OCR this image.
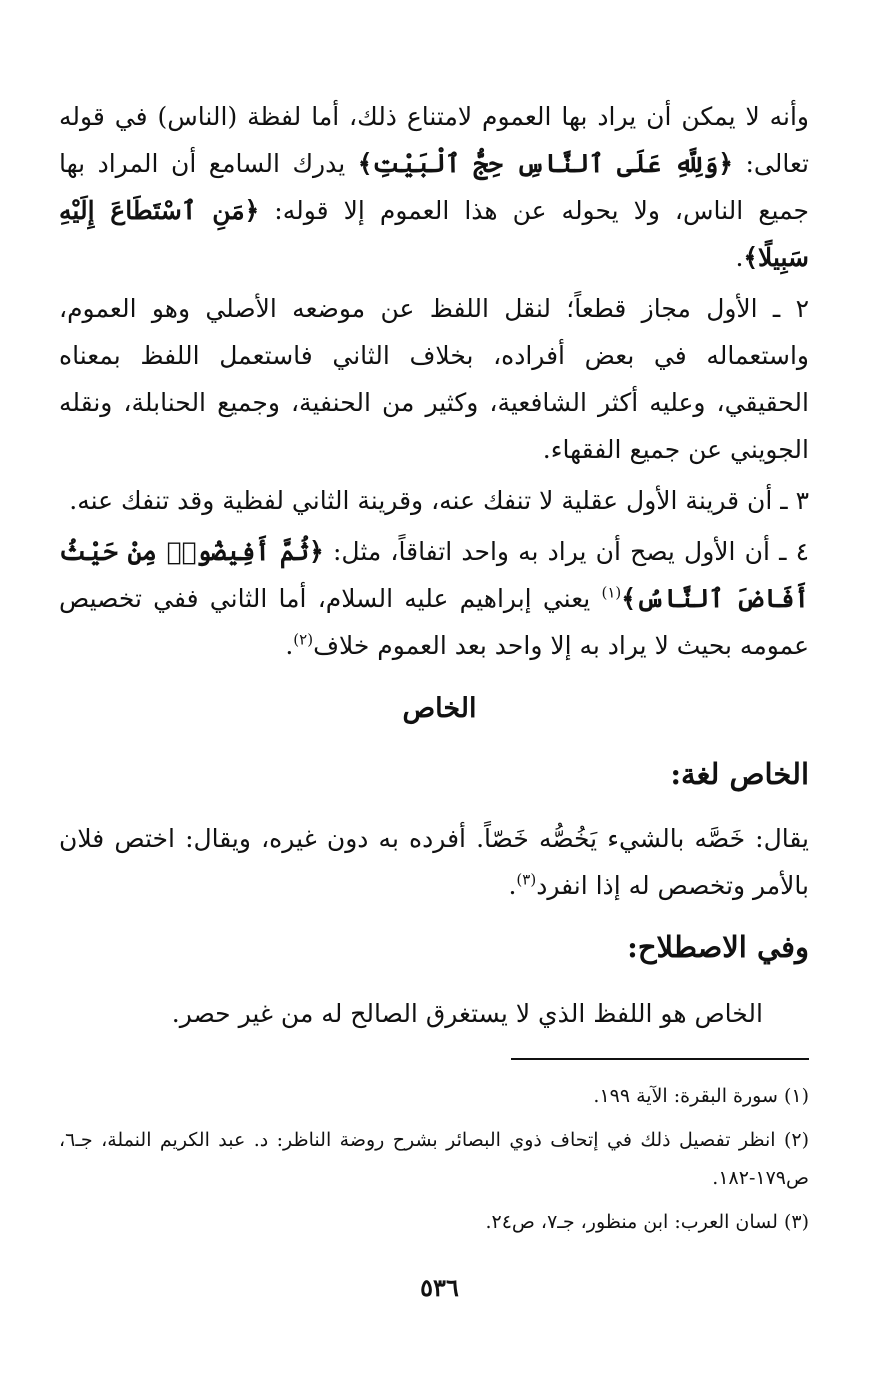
وأنه لا يمكن أن يراد بها العموم لامتناع ذلك، أما لفظة (الناس) في قوله تعالى: ﴿وَلِلَّهِ عَلَى ٱلنَّاسِ حِجُّ ٱلْبَيْتِ﴾ يدرك السامع أن المراد بها جميع الناس، ولا يحوله عن هذا العموم إلا قوله: ﴿مَنِ ٱسْتَطَاعَ إِلَيْهِ سَبِيلًا﴾.

٢ ـ الأول مجاز قطعاً؛ لنقل اللفظ عن موضعه الأصلي وهو العموم، واستعماله في بعض أفراده، بخلاف الثاني فاستعمل اللفظ بمعناه الحقيقي، وعليه أكثر الشافعية، وكثير من الحنفية، وجميع الحنابلة، ونقله الجويني عن جميع الفقهاء.

٣ ـ أن قرينة الأول عقلية لا تنفك عنه، وقرينة الثاني لفظية وقد تنفك عنه.

٤ ـ أن الأول يصح أن يراد به واحد اتفاقاً، مثل: ﴿ثُمَّ أَفِيضُوا۟ مِنْ حَيْثُ أَفَاضَ ٱلنَّاسُ﴾$^{(١)}$ يعني إبراهيم عليه السلام، أما الثاني ففي تخصيص عمومه بحيث لا يراد به إلا واحد بعد العموم خلاف$^{(٢)}$.

الخاص
الخاص لغة:

يقال: خَصَّه بالشيء يَخُصُّه خَصّاً. أفرده به دون غيره، ويقال: اختص فلان بالأمر وتخصص له إذا انفرد$^{(٣)}$.

وفي الاصطلاح:

الخاص هو اللفظ الذي لا يستغرق الصالح له من غير حصر.

(١) سورة البقرة: الآية ١٩٩.

(٢) انظر تفصيل ذلك في إتحاف ذوي البصائر بشرح روضة الناظر: د. عبد الكريم النملة، جـ٦، ص١٧٩-١٨٢.

(٣) لسان العرب: ابن منظور، جـ٧، ص٢٤.

٥٣٦
